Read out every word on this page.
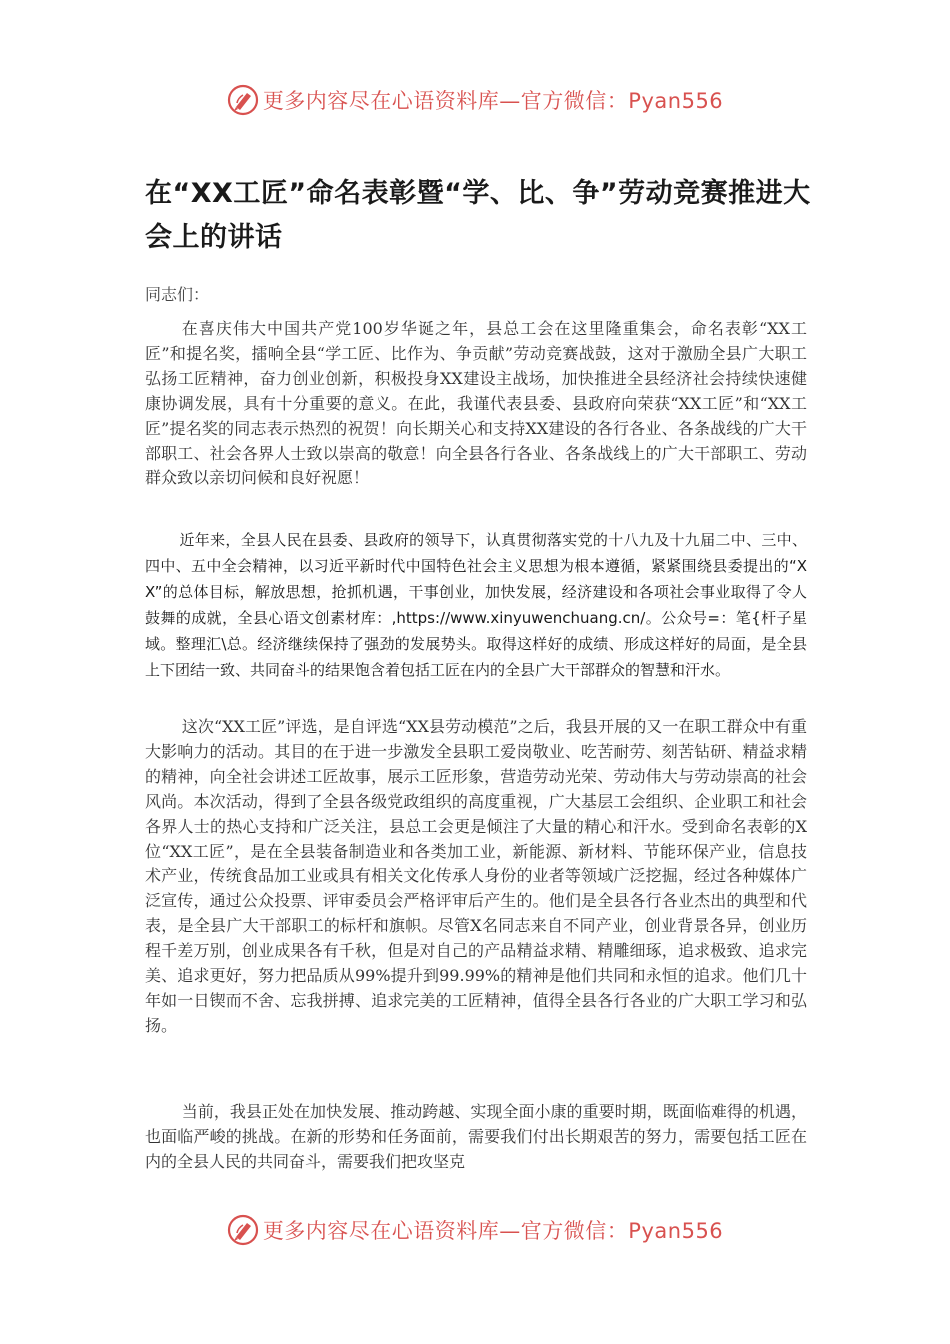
更多内容尽在心语资料库—官方微信：Pyan556
在“XX工匠”命名表彰暨“学、比、争”劳动竞赛推进大会上的讲话

同志们：

在喜庆伟大中国共产党100岁华诞之年，县总工会在这里隆重集会，命名表彰“XX工匠”和提名奖，擂响全县“学工匠、比作为、争贡献”劳动竞赛战鼓，这对于激励全县广大职工弘扬工匠精神，奋力创业创新，积极投身XX建设主战场，加快推进全县经济社会持续快速健康协调发展，具有十分重要的意义。在此，我谨代表县委、县政府向荣获“XX工匠”和“XX工匠”提名奖的同志表示热烈的祝贺！向长期关心和支持XX建设的各行各业、各条战线的广大干部职工、社会各界人士致以崇高的敬意！向全县各行各业、各条战线上的广大干部职工、劳动群众致以亲切问候和良好祝愿！

近年来，全县人民在县委、县政府的领导下，认真贯彻落实党的十八九及十九届二中、三中、四中、五中全会精神，以习近平新时代中国特色社会主义思想为根本遵循，紧紧围绕县委提出的“XX”的总体目标，解放思想，抢抓机遇，干事创业，加快发展，经济建设和各项社会事业取得了令人鼓舞的成就，全县心语文创素材库：,https://www.xinyuwenchuang.cn/。公众号=：笔{杆子星域。整理汇\总。经济继续保持了强劲的发展势头。取得这样好的成绩、形成这样好的局面，是全县上下团结一致、共同奋斗的结果饱含着包括工匠在内的全县广大干部群众的智慧和汗水。

这次“XX工匠”评选，是自评选“XX县劳动模范”之后，我县开展的又一在职工群众中有重大影响力的活动。其目的在于进一步激发全县职工爱岗敬业、吃苦耐劳、刻苦钻研、精益求精的精神，向全社会讲述工匠故事，展示工匠形象，营造劳动光荣、劳动伟大与劳动崇高的社会风尚。本次活动，得到了全县各级党政组织的高度重视，广大基层工会组织、企业职工和社会各界人士的热心支持和广泛关注，县总工会更是倾注了大量的精心和汗水。受到命名表彰的X位“XX工匠”，是在全县装备制造业和各类加工业，新能源、新材料、节能环保产业，信息技术产业，传统食品加工业或具有相关文化传承人身份的业者等领域广泛挖掘，经过各种媒体广泛宣传，通过公众投票、评审委员会严格评审后产生的。他们是全县各行各业杰出的典型和代表，是全县广大干部职工的标杆和旗帜。尽管X名同志来自不同产业，创业背景各异，创业历程千差万别，创业成果各有千秋，但是对自己的产品精益求精、精雕细琢，追求极致、追求完美、追求更好，努力把品质从99%提升到99.99%的精神是他们共同和永恒的追求。他们几十年如一日锲而不舍、忘我拼搏、追求完美的工匠精神，值得全县各行各业的广大职工学习和弘扬。

当前，我县正处在加快发展、推动跨越、实现全面小康的重要时期，既面临难得的机遇，也面临严峻的挑战。在新的形势和任务面前，需要我们付出长期艰苦的努力，需要包括工匠在内的全县人民的共同奋斗，需要我们把攻坚克

更多内容尽在心语资料库—官方微信：Pyan556
